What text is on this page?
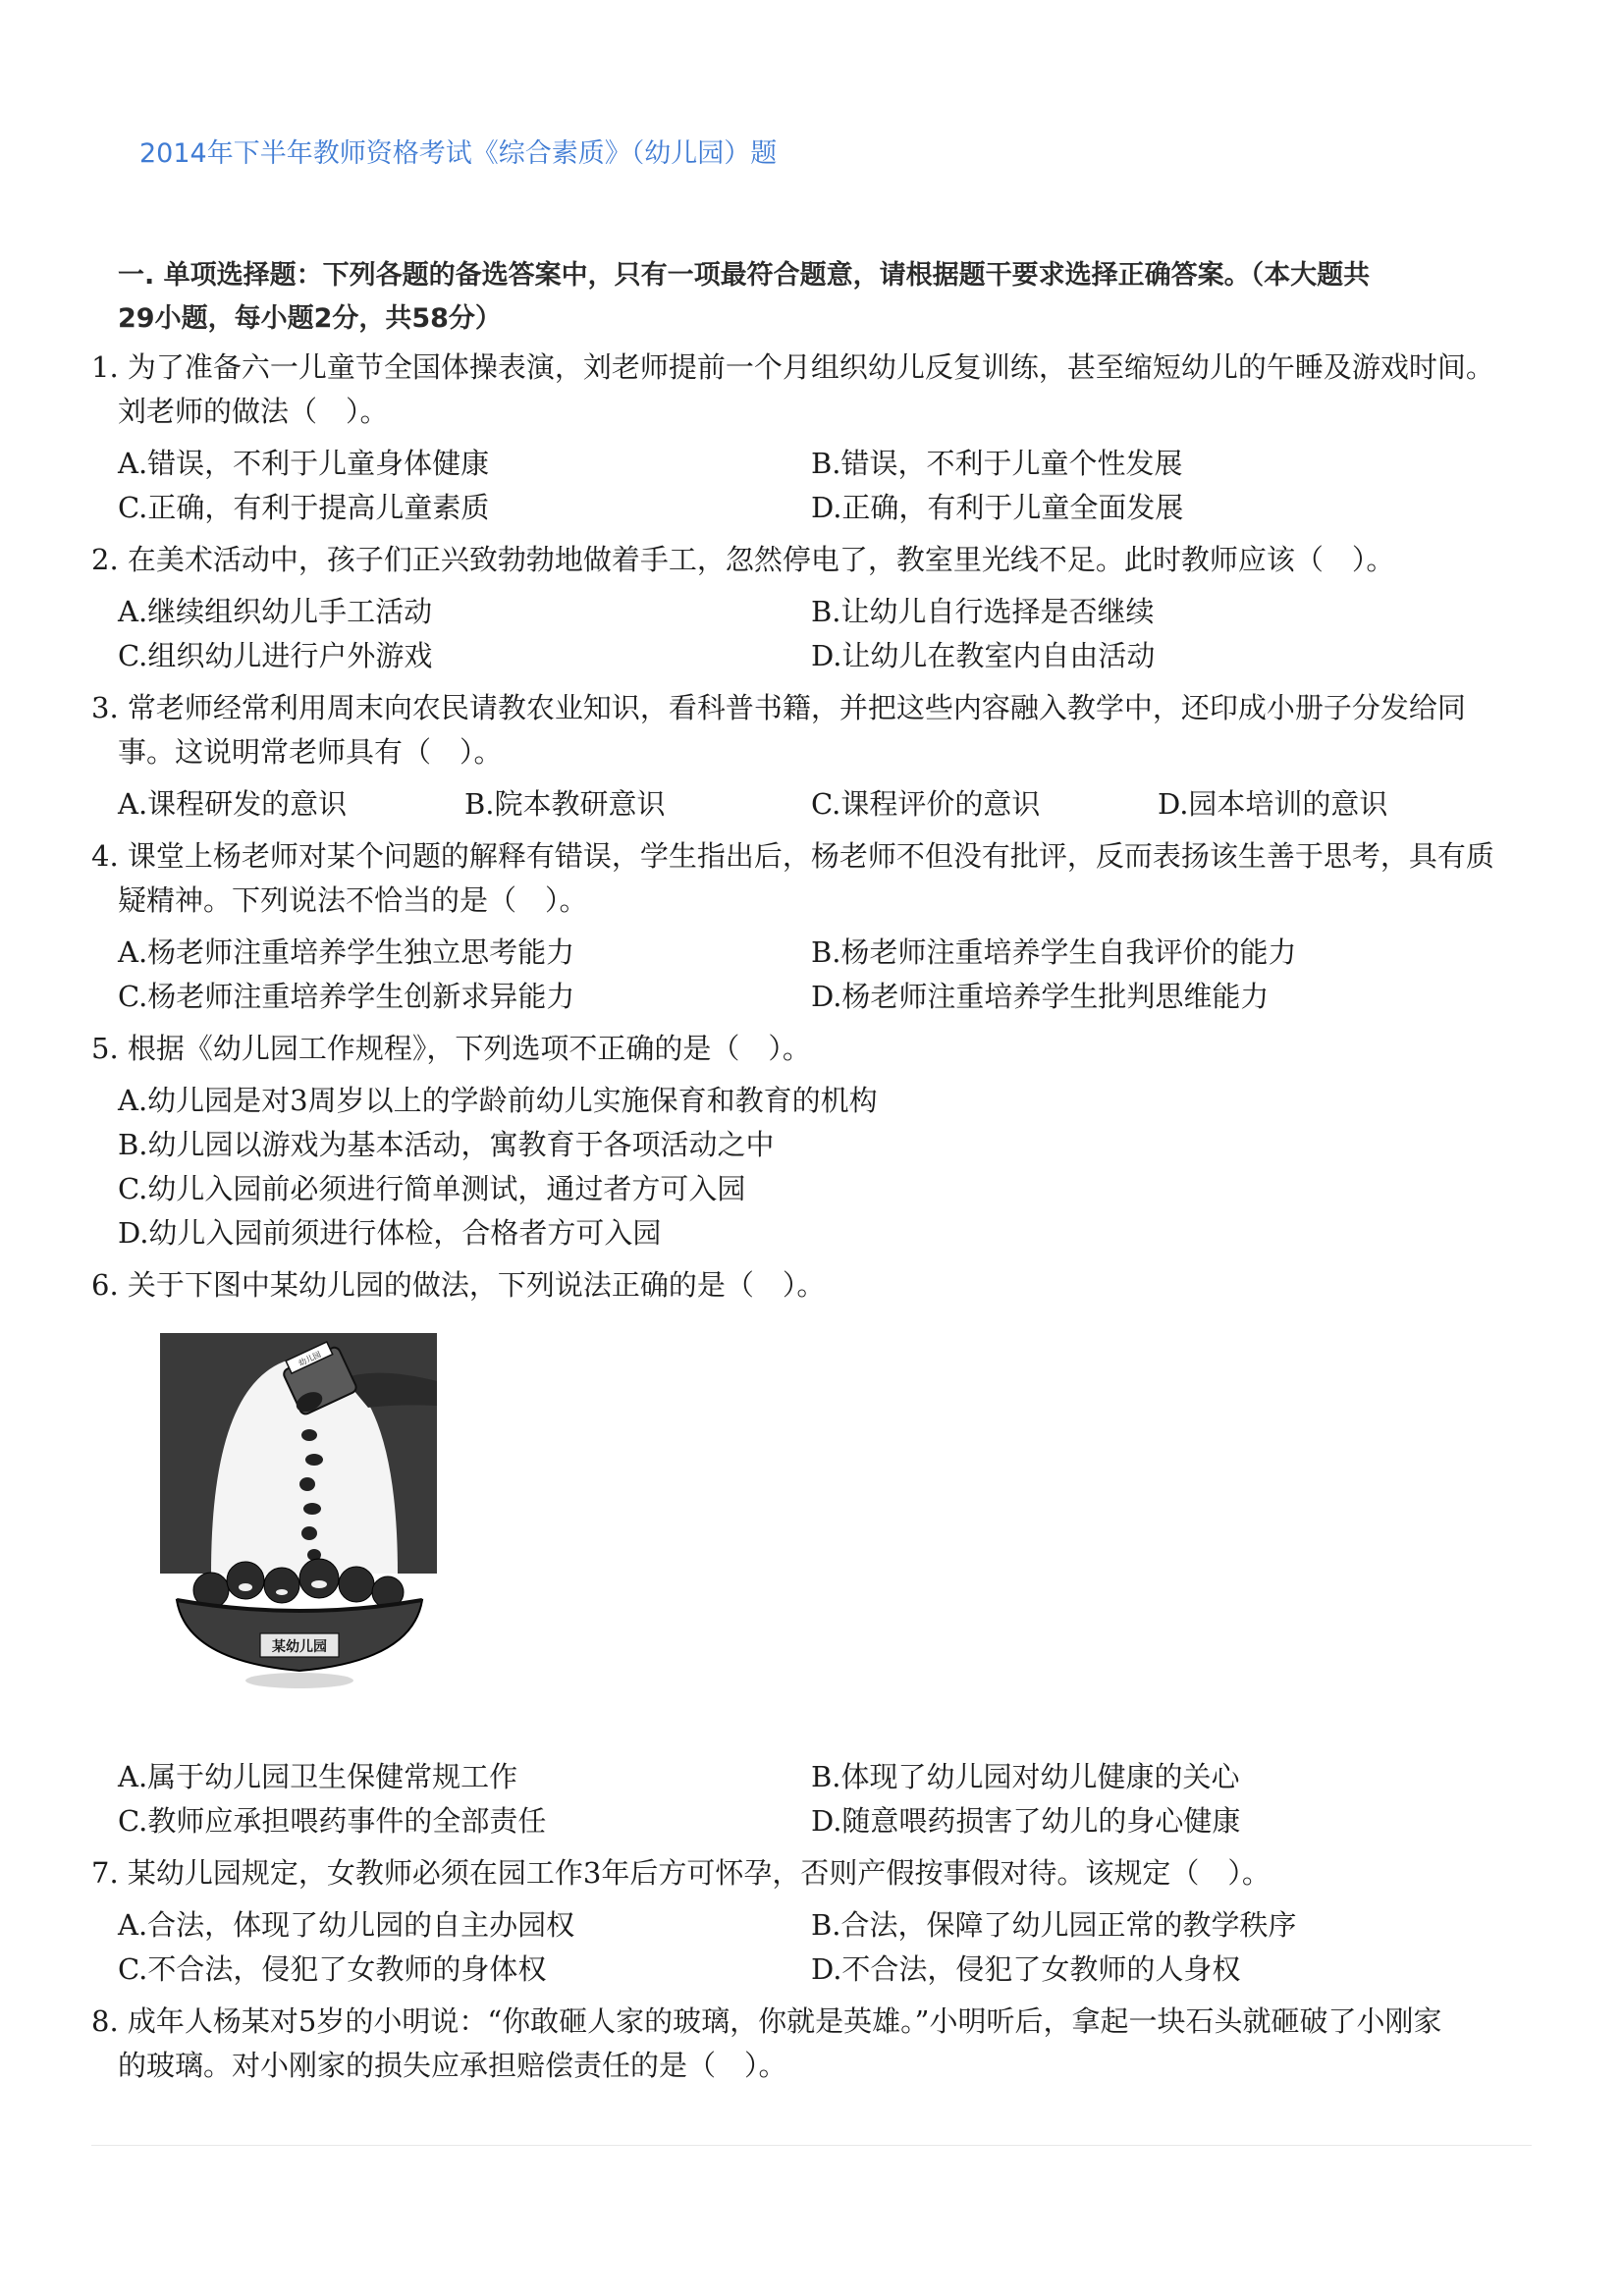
2014年下半年教师资格考试《综合素质》（幼儿园）题
一. 单项选择题：下列各题的备选答案中，只有一项最符合题意，请根据题干要求选择正确答案。（本大题共
29小题，每小题2分，共58分）
1. 为了准备六一儿童节全国体操表演，刘老师提前一个月组织幼儿反复训练，甚至缩短幼儿的午睡及游戏时间。
刘老师的做法（　）。
A.错误，不利于儿童身体健康	B.错误，不利于儿童个性发展
C.正确，有利于提高儿童素质	D.正确，有利于儿童全面发展
2. 在美术活动中，孩子们正兴致勃勃地做着手工，忽然停电了，教室里光线不足。此时教师应该（　）。
A.继续组织幼儿手工活动	B.让幼儿自行选择是否继续
C.组织幼儿进行户外游戏	D.让幼儿在教室内自由活动
3. 常老师经常利用周末向农民请教农业知识，看科普书籍，并把这些内容融入教学中，还印成小册子分发给同
事。这说明常老师具有（　）。
A.课程研发的意识	B.院本教研意识	C.课程评价的意识	D.园本培训的意识
4. 课堂上杨老师对某个问题的解释有错误，学生指出后，杨老师不但没有批评，反而表扬该生善于思考，具有质
疑精神。下列说法不恰当的是（　）。
A.杨老师注重培养学生独立思考能力	B.杨老师注重培养学生自我评价的能力
C.杨老师注重培养学生创新求异能力	D.杨老师注重培养学生批判思维能力
5. 根据《幼儿园工作规程》，下列选项不正确的是（　）。
A.幼儿园是对3周岁以上的学龄前幼儿实施保育和教育的机构
B.幼儿园以游戏为基本活动，寓教育于各项活动之中
C.幼儿入园前必须进行简单测试，通过者方可入园
D.幼儿入园前须进行体检，合格者方可入园
6. 关于下图中某幼儿园的做法，下列说法正确的是（　）。
幼儿园
某幼儿园
A.属于幼儿园卫生保健常规工作	B.体现了幼儿园对幼儿健康的关心
C.教师应承担喂药事件的全部责任	D.随意喂药损害了幼儿的身心健康
7. 某幼儿园规定，女教师必须在园工作3年后方可怀孕，否则产假按事假对待。该规定（　）。
A.合法，体现了幼儿园的自主办园权	B.合法，保障了幼儿园正常的教学秩序
C.不合法，侵犯了女教师的身体权	D.不合法，侵犯了女教师的人身权
8. 成年人杨某对5岁的小明说：“你敢砸人家的玻璃，你就是英雄。”小明听后，拿起一块石头就砸破了小刚家
的玻璃。对小刚家的损失应承担赔偿责任的是（　）。
